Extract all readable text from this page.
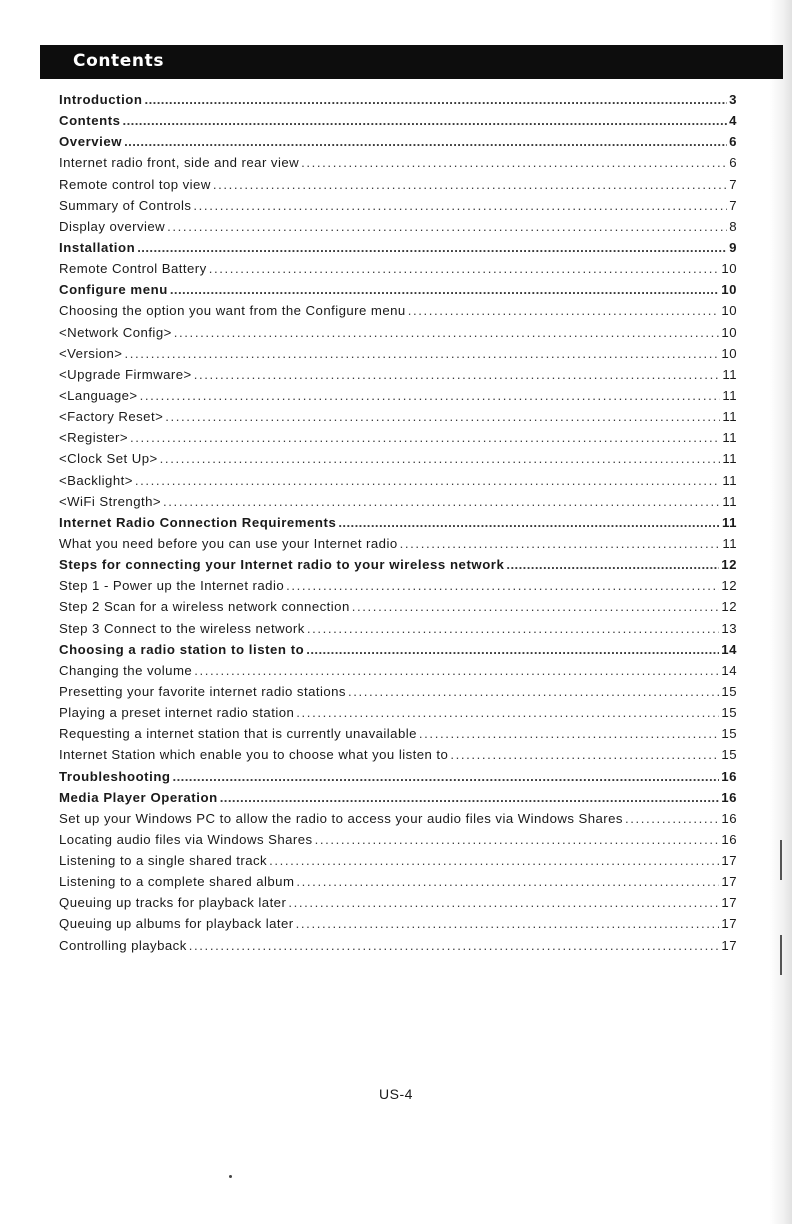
Contents
Introduction .....	3
Contents .....	4
Overview .....	6
Internet radio front, side and rear view .....	6
Remote control top view .....	7
Summary of Controls .....	7
Display overview .....	8
Installation .....	9
Remote Control Battery .....	10
Configure menu .....	10
Choosing the option you want from the Configure menu .....	10
<Network Config> .....	10
<Version> .....	10
<Upgrade Firmware> .....	11
<Language> .....	11
<Factory Reset> .....	11
<Register> .....	11
<Clock Set Up> .....	11
<Backlight> .....	11
<WiFi Strength> .....	11
Internet Radio Connection Requirements .....	11
What you need before you can use your Internet radio .....	11
Steps for connecting your Internet radio to your wireless network .....	12
Step 1 - Power up the Internet radio .....	12
Step 2 Scan for a wireless network connection .....	12
Step 3 Connect to the wireless network .....	13
Choosing a radio station to listen to .....	14
Changing the volume .....	14
Presetting your favorite internet radio stations .....	15
Playing a preset internet radio station .....	15
Requesting a internet station that is currently unavailable .....	15
Internet Station which enable you to choose what you listen to .....	15
Troubleshooting .....	16
Media Player Operation .....	16
Set up your Windows PC to allow the radio to access your audio files via Windows Shares .....	16
Locating audio files via Windows Shares .....	16
Listening to a single shared track .....	17
Listening to a complete shared album .....	17
Queuing up tracks for playback later .....	17
Queuing up albums for playback later .....	17
Controlling playback .....	17
US-4
